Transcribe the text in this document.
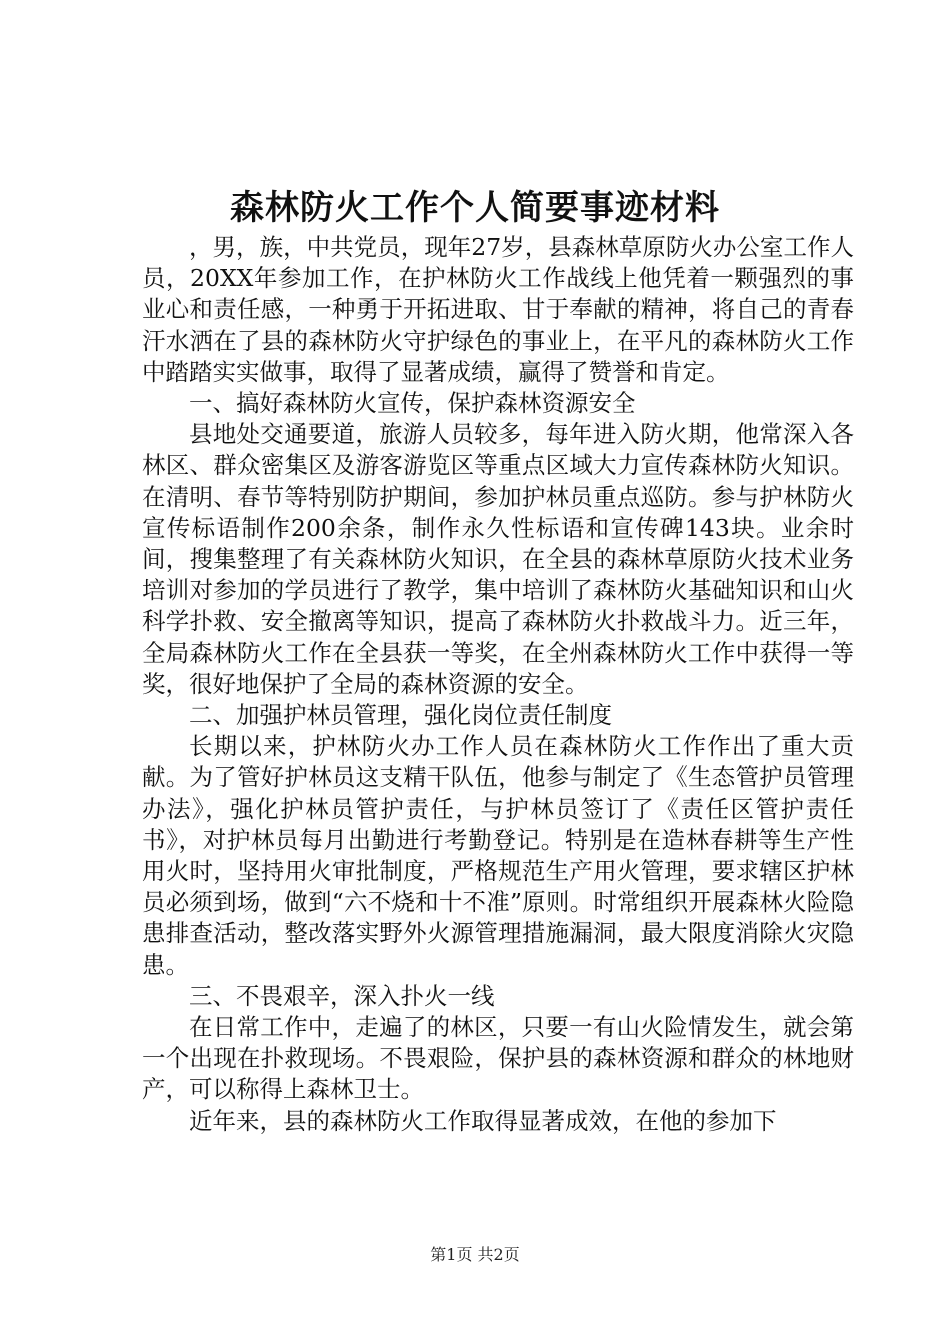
森林防火工作个人简要事迹材料

，男，族，中共党员，现年27岁，县森林草原防火办公室工作人员，20XX年参加工作，在护林防火工作战线上他凭着一颗强烈的事业心和责任感，一种勇于开拓进取、甘于奉献的精神，将自己的青春汗水洒在了县的森林防火守护绿色的事业上，在平凡的森林防火工作中踏踏实实做事，取得了显著成绩，赢得了赞誉和肯定。

一、搞好森林防火宣传，保护森林资源安全

县地处交通要道，旅游人员较多，每年进入防火期，他常深入各林区、群众密集区及游客游览区等重点区域大力宣传森林防火知识。在清明、春节等特别防护期间，参加护林员重点巡防。参与护林防火宣传标语制作200余条，制作永久性标语和宣传碑143块。业余时间，搜集整理了有关森林防火知识，在全县的森林草原防火技术业务培训对参加的学员进行了教学，集中培训了森林防火基础知识和山火科学扑救、安全撤离等知识，提高了森林防火扑救战斗力。近三年，全局森林防火工作在全县获一等奖，在全州森林防火工作中获得一等奖，很好地保护了全局的森林资源的安全。

二、加强护林员管理，强化岗位责任制度

长期以来，护林防火办工作人员在森林防火工作作出了重大贡献。为了管好护林员这支精干队伍，他参与制定了《生态管护员管理办法》，强化护林员管护责任，与护林员签订了《责任区管护责任书》，对护林员每月出勤进行考勤登记。特别是在造林春耕等生产性用火时，坚持用火审批制度，严格规范生产用火管理，要求辖区护林员必须到场，做到“六不烧和十不准”原则。时常组织开展森林火险隐患排查活动，整改落实野外火源管理措施漏洞，最大限度消除火灾隐患。

三、不畏艰辛，深入扑火一线

在日常工作中，走遍了的林区，只要一有山火险情发生，就会第一个出现在扑救现场。不畏艰险，保护县的森林资源和群众的林地财产，可以称得上森林卫士。

近年来，县的森林防火工作取得显著成效，在他的参加下

第1页 共2页
